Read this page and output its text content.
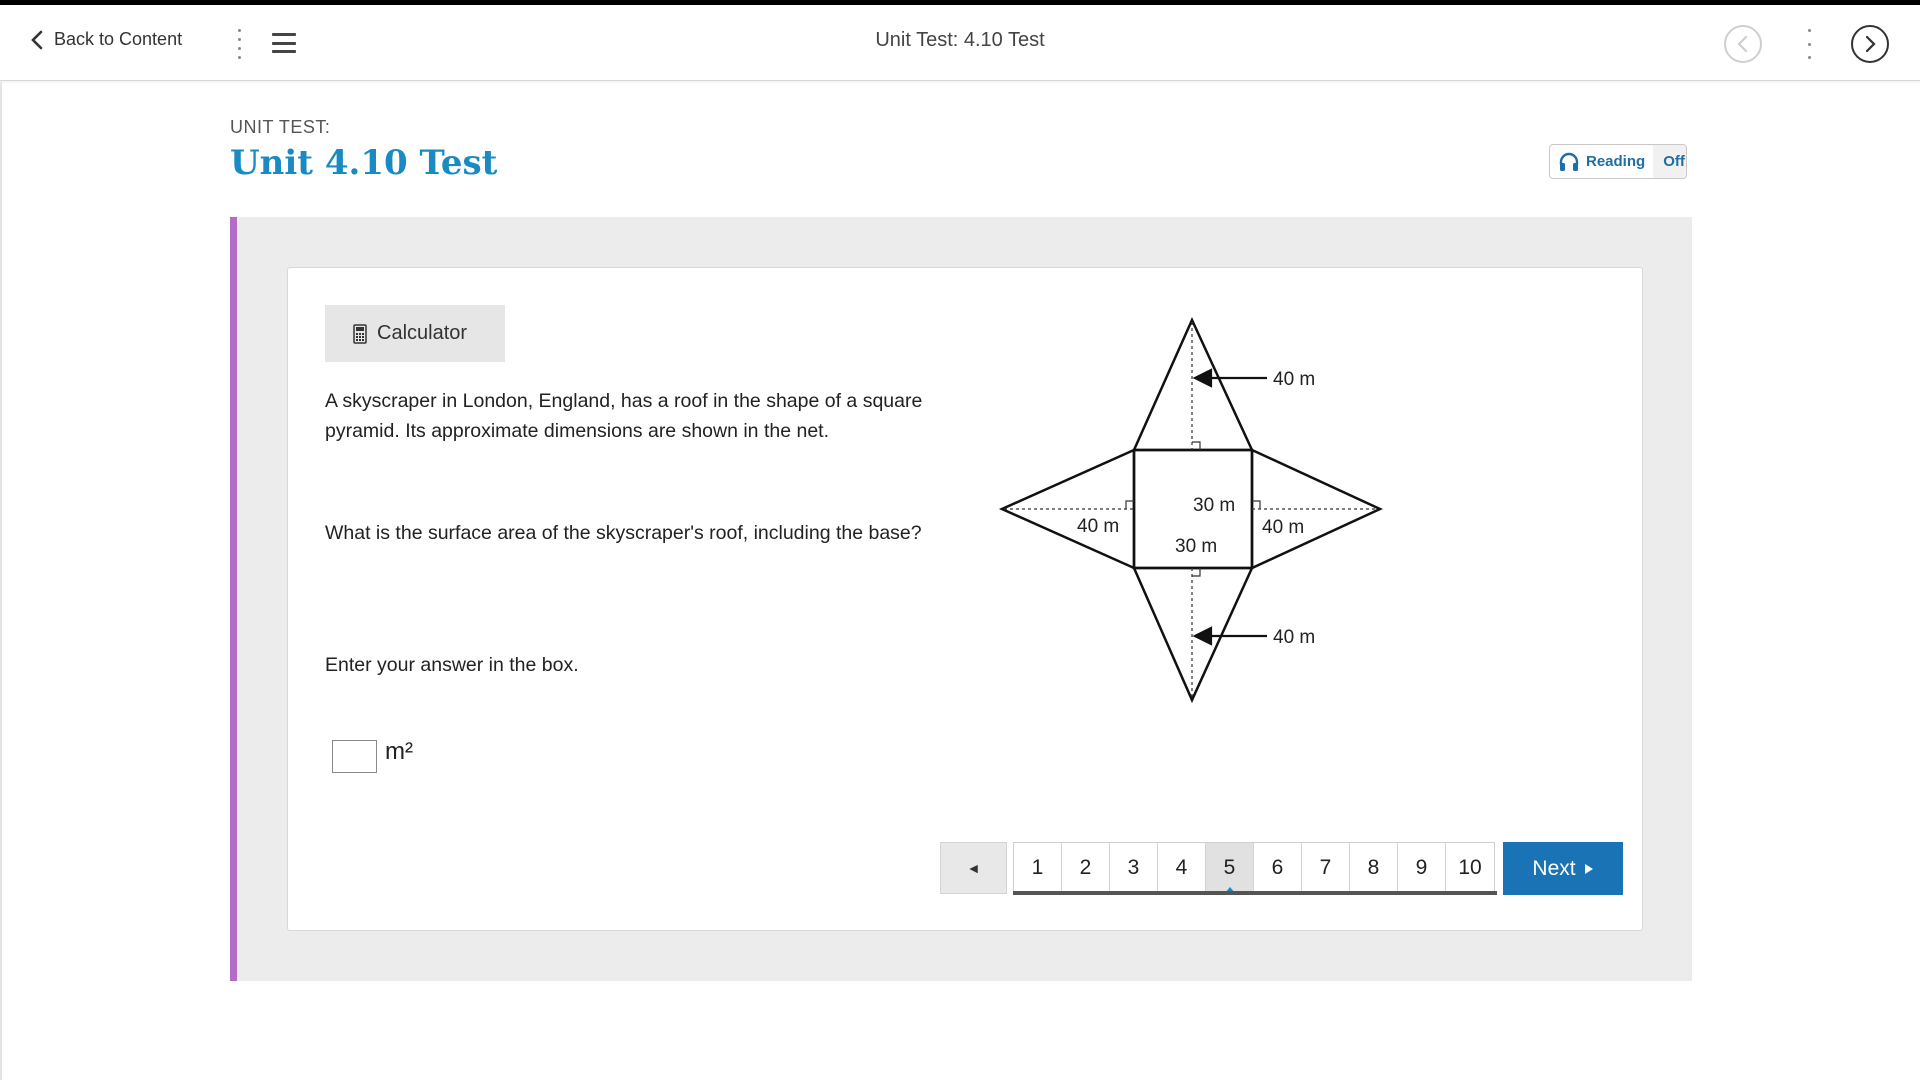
Back to Content	Unit Test: 4.10 Test
UNIT TEST:
Unit 4.10 Test	Reading	Off
Calculator

A skyscraper in London, England, has a roof in the shape of a square pyramid. Its approximate dimensions are shown in the net.

What is the surface area of the skyscraper's roof, including the base?

Enter your answer in the box.

m²
40 m
40 m	40 m
40 m
30 m
30 m
◄	1	2	3	4	5	6	7	8	9	10	Next
